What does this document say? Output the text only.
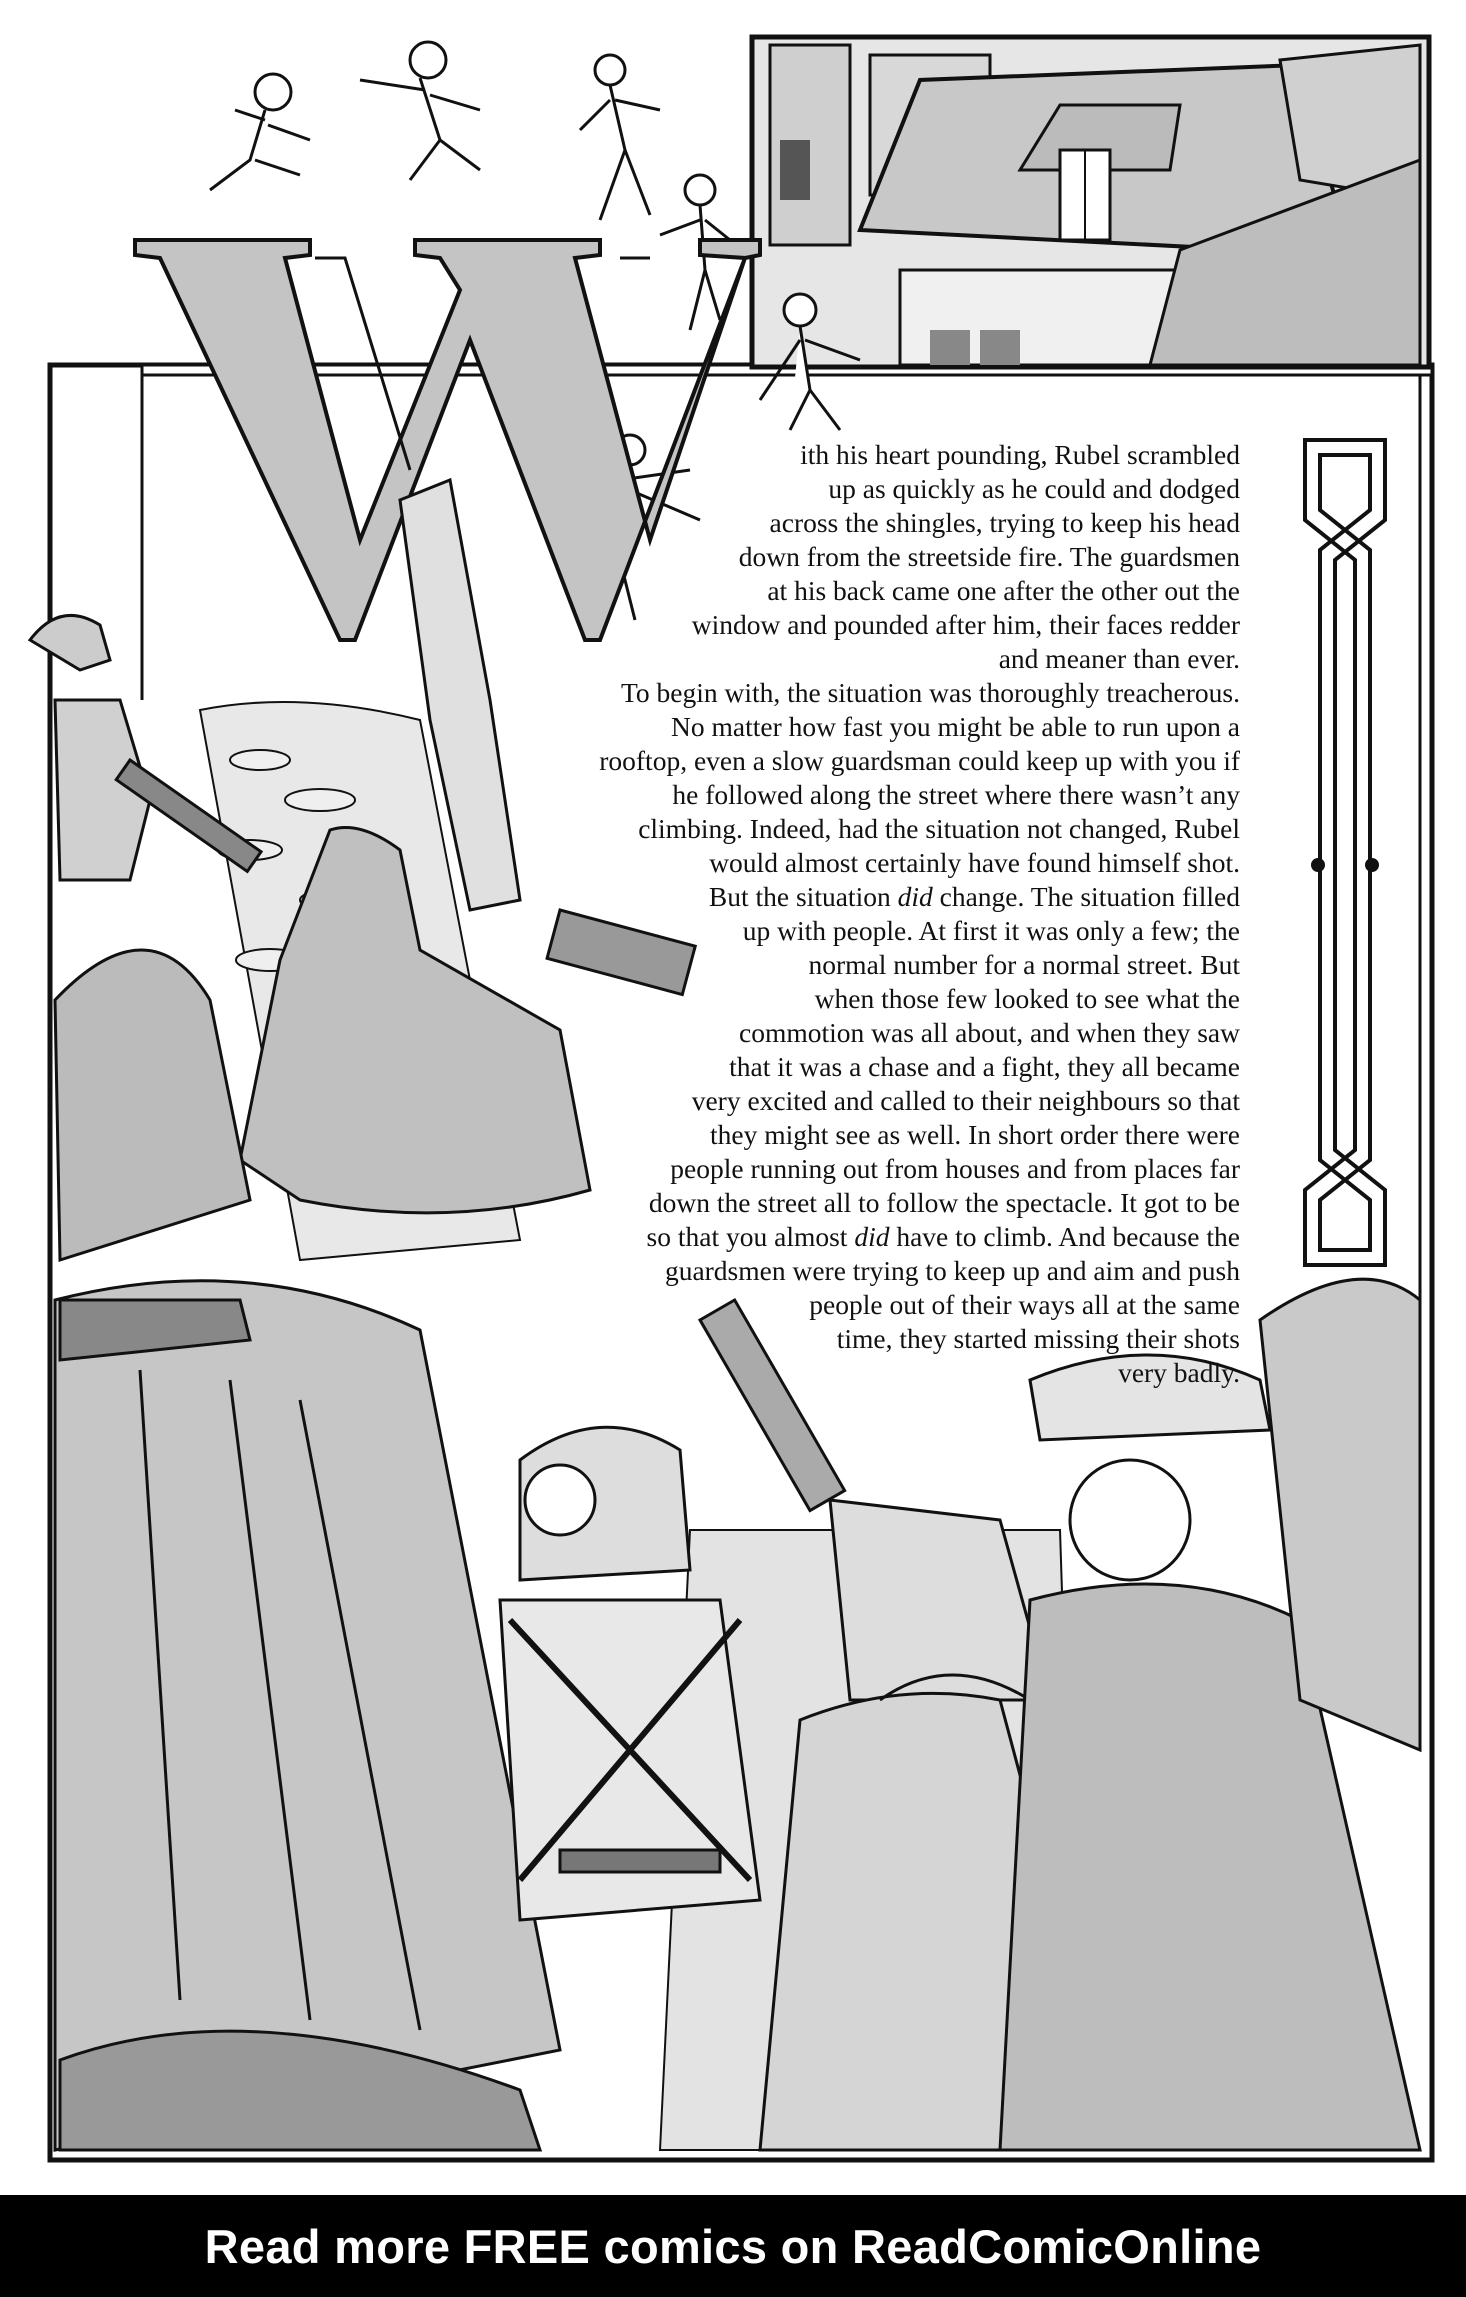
ith his heart pounding, Rubel scrambled
up as quickly as he could and dodged
across the shingles, trying to keep his head
down from the streetside fire. The guardsmen
at his back came one after the other out the
window and pounded after him, their faces redder
and meaner than ever.
To begin with, the situation was thoroughly treacherous.
No matter how fast you might be able to run upon a
rooftop, even a slow guardsman could keep up with you if
he followed along the street where there wasn’t any
climbing. Indeed, had the situation not changed, Rubel
would almost certainly have found himself shot.
But the situation did change. The situation filled
up with people. At first it was only a few; the
normal number for a normal street. But
when those few looked to see what the
commotion was all about, and when they saw
that it was a chase and a fight, they all became
very excited and called to their neighbours so that
they might see as well. In short order there were
people running out from houses and from places far
down the street all to follow the spectacle. It got to be
so that you almost did have to climb. And because the
guardsmen were trying to keep up and aim and push
people out of their ways all at the same
time, they started missing their shots
very badly.
Read more FREE comics on ReadComicOnline
